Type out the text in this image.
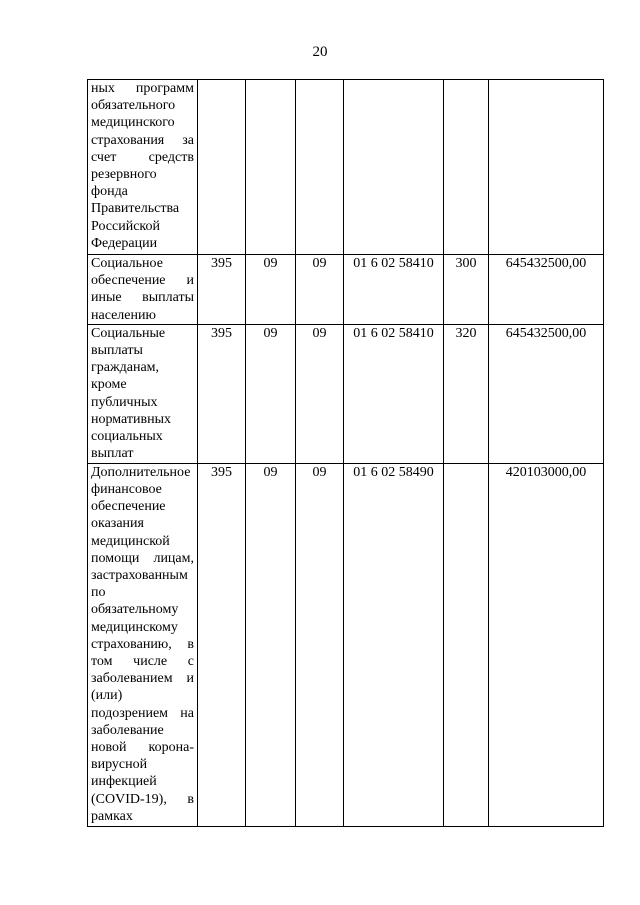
20
ных программ обязательного медицинского страхования за счет средств резервного фонда Правительства Российской Федерации						
Социальное обеспечение и иные выплаты населению	395	09	09	01 6 02 58410	300	645432500,00
Социальные выплаты гражданам, кроме публичных нормативных социальных выплат	395	09	09	01 6 02 58410	320	645432500,00
Дополнительное финансовое обеспечение оказания медицинской помощи лицам, застрахованным по обязательному медицинскому страхованию, в том числе с заболеванием и (или) подозрением на заболевание новой коронавирусной инфекцией (COVID-19), в рамках	395	09	09	01 6 02 58490		420103000,00
